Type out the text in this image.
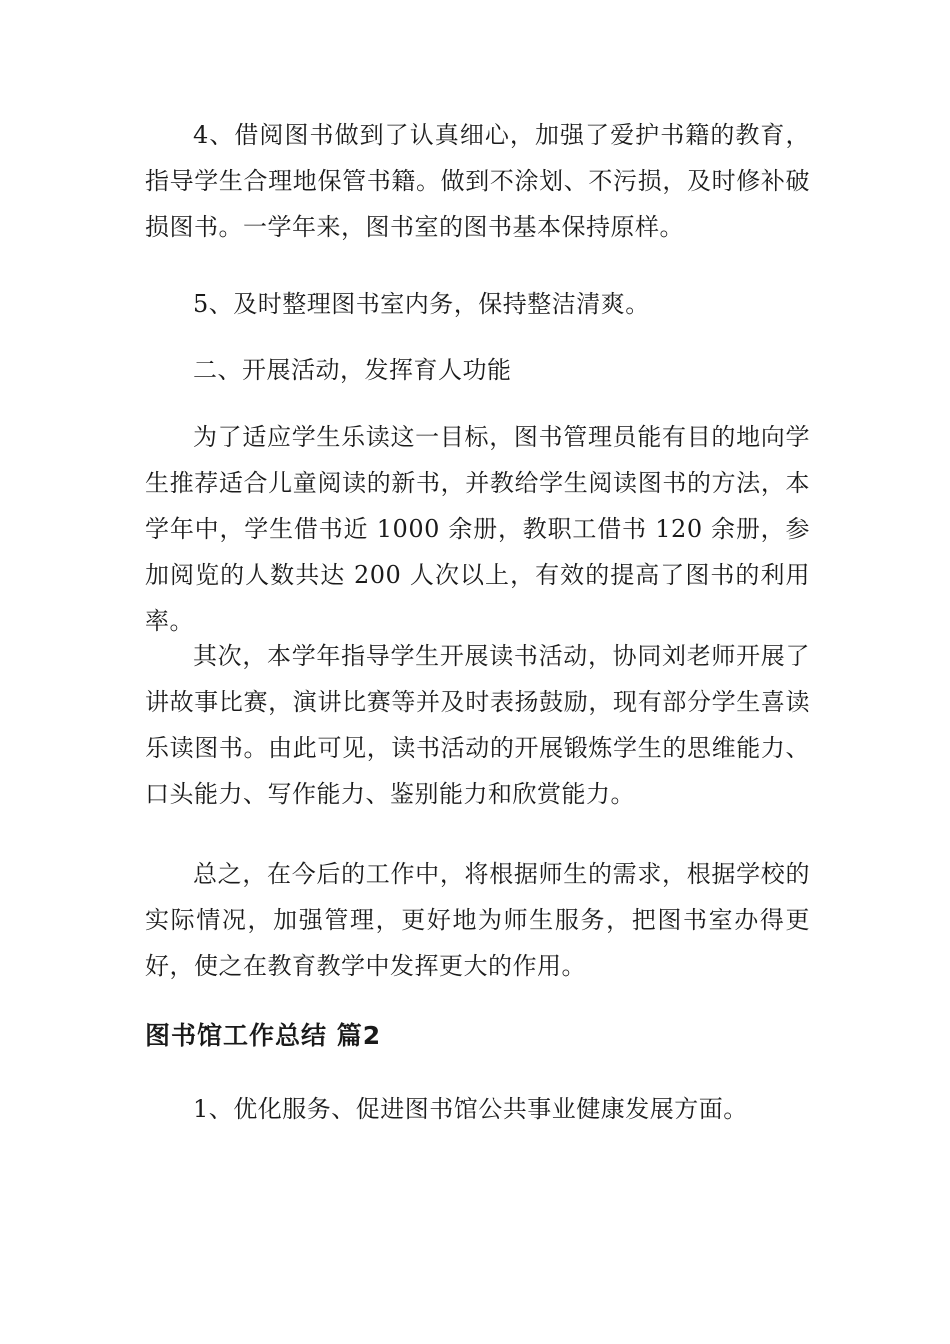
4、借阅图书做到了认真细心，加强了爱护书籍的教育，指导学生合理地保管书籍。做到不涂划、不污损，及时修补破损图书。一学年来，图书室的图书基本保持原样。

5、及时整理图书室内务，保持整洁清爽。

二、开展活动，发挥育人功能

为了适应学生乐读这一目标，图书管理员能有目的地向学生推荐适合儿童阅读的新书，并教给学生阅读图书的方法，本学年中，学生借书近 1000 余册，教职工借书 120 余册，参加阅览的人数共达 200 人次以上，有效的提高了图书的利用率。

其次，本学年指导学生开展读书活动，协同刘老师开展了讲故事比赛，演讲比赛等并及时表扬鼓励，现有部分学生喜读乐读图书。由此可见，读书活动的开展锻炼学生的思维能力、口头能力、写作能力、鉴别能力和欣赏能力。

总之，在今后的工作中，将根据师生的需求，根据学校的实际情况，加强管理，更好地为师生服务，把图书室办得更好，使之在教育教学中发挥更大的作用。

图书馆工作总结 篇2

1、优化服务、促进图书馆公共事业健康发展方面。
